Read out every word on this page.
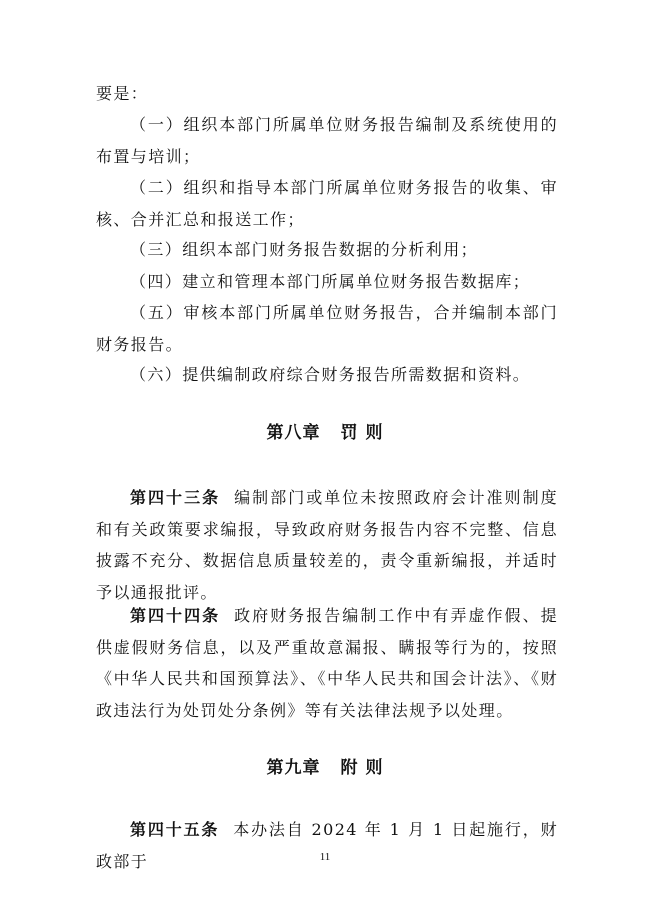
要是：

（一）组织本部门所属单位财务报告编制及系统使用的布置与培训；

（二）组织和指导本部门所属单位财务报告的收集、审核、合并汇总和报送工作；

（三）组织本部门财务报告数据的分析利用；

（四）建立和管理本部门所属单位财务报告数据库；

（五）审核本部门所属单位财务报告，合并编制本部门财务报告。

（六）提供编制政府综合财务报告所需数据和资料。

第八章 罚 则

第四十三条 编制部门或单位未按照政府会计准则制度和有关政策要求编报，导致政府财务报告内容不完整、信息披露不充分、数据信息质量较差的，责令重新编报，并适时予以通报批评。

第四十四条 政府财务报告编制工作中有弄虚作假、提供虚假财务信息，以及严重故意漏报、瞒报等行为的，按照《中华人民共和国预算法》、《中华人民共和国会计法》、《财政违法行为处罚处分条例》等有关法律法规予以处理。

第九章 附 则

第四十五条 本办法自 2024 年 1 月 1 日起施行，财政部于	11
